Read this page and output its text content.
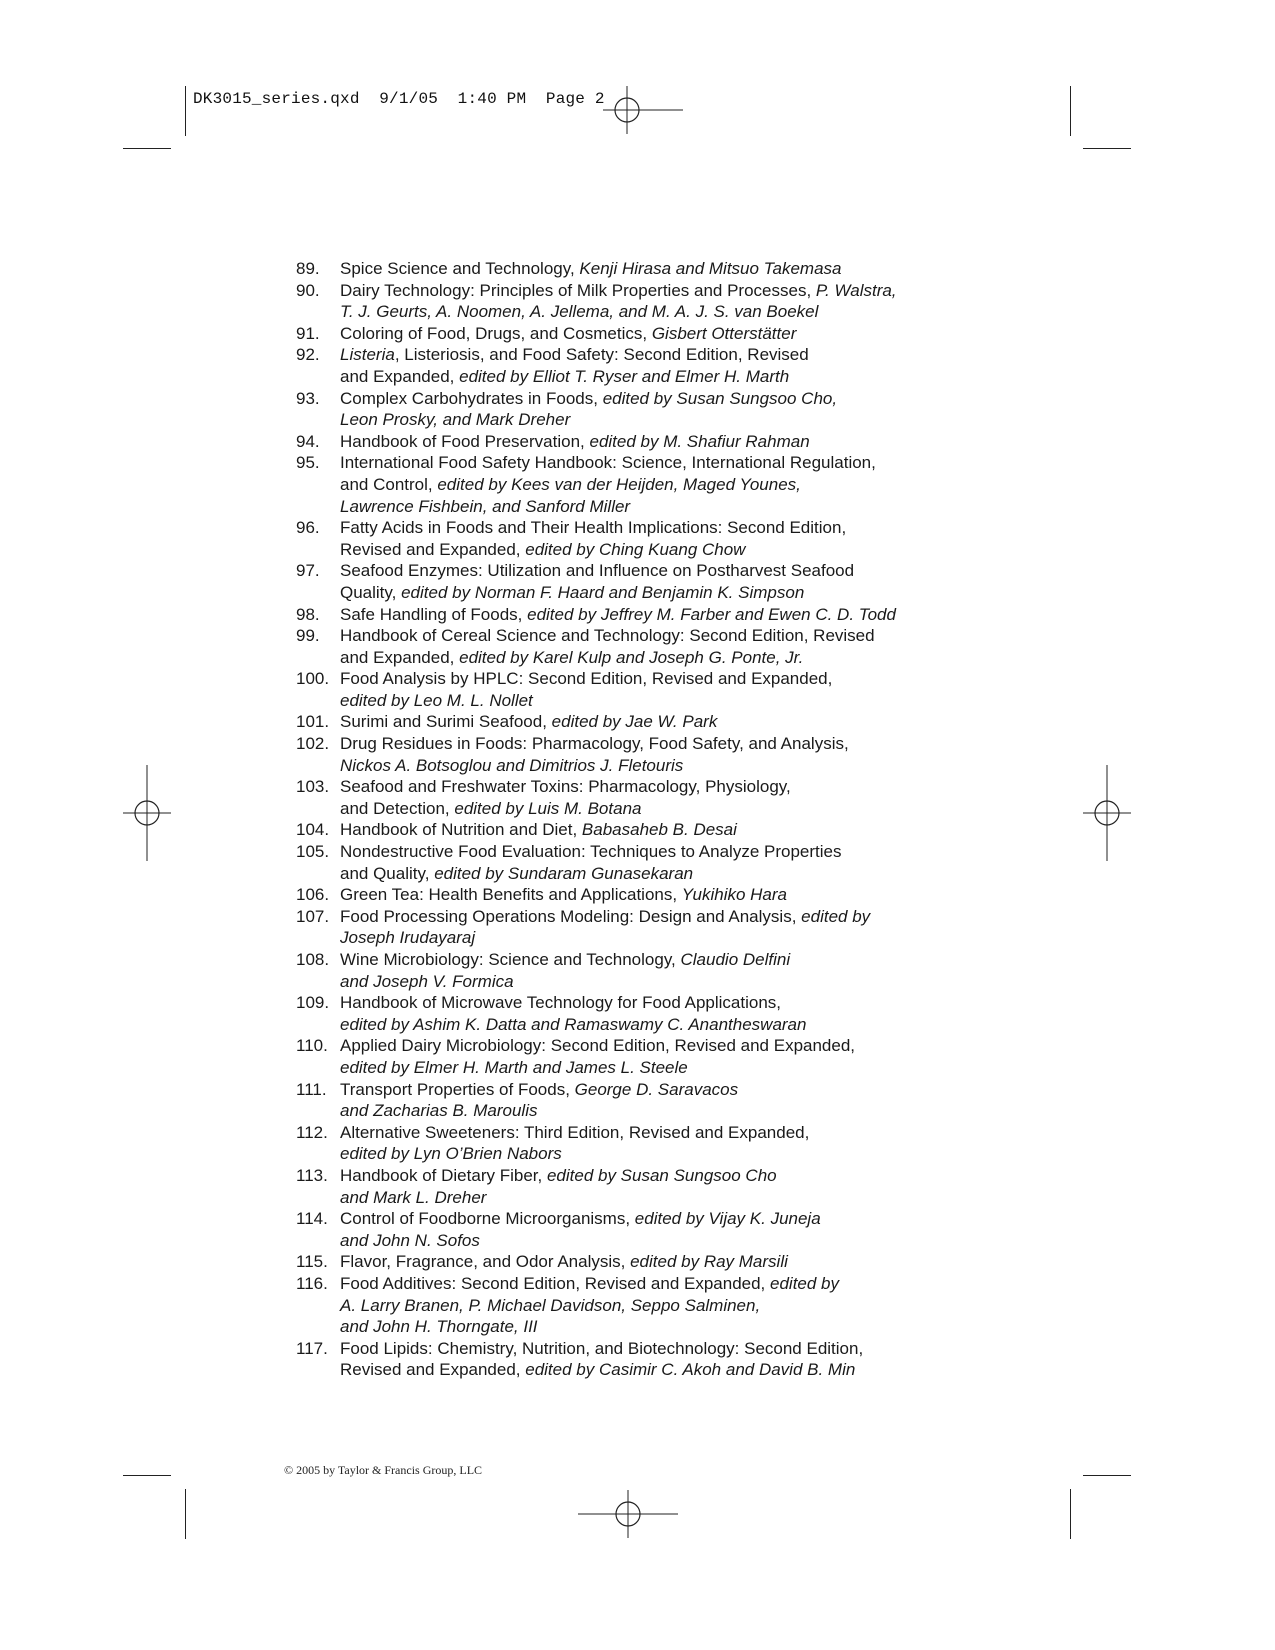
DK3015_series.qxd 9/1/05 1:40 PM Page 2
89.	Spice Science and Technology, Kenji Hirasa and Mitsuo Takemasa
90.	Dairy Technology: Principles of Milk Properties and Processes, P. Walstra,
T. J. Geurts, A. Noomen, A. Jellema, and M. A. J. S. van Boekel
91.	Coloring of Food, Drugs, and Cosmetics, Gisbert Otterstätter
92.	Listeria, Listeriosis, and Food Safety: Second Edition, Revised
and Expanded, edited by Elliot T. Ryser and Elmer H. Marth
93.	Complex Carbohydrates in Foods, edited by Susan Sungsoo Cho,
Leon Prosky, and Mark Dreher
94.	Handbook of Food Preservation, edited by M. Shafiur Rahman
95.	International Food Safety Handbook: Science, International Regulation,
and Control, edited by Kees van der Heijden, Maged Younes,
Lawrence Fishbein, and Sanford Miller
96.	Fatty Acids in Foods and Their Health Implications: Second Edition,
Revised and Expanded, edited by Ching Kuang Chow
97.	Seafood Enzymes: Utilization and Influence on Postharvest Seafood
Quality, edited by Norman F. Haard and Benjamin K. Simpson
98.	Safe Handling of Foods, edited by Jeffrey M. Farber and Ewen C. D. Todd
99.	Handbook of Cereal Science and Technology: Second Edition, Revised
and Expanded, edited by Karel Kulp and Joseph G. Ponte, Jr.
100. Food Analysis by HPLC: Second Edition, Revised and Expanded,
edited by Leo M. L. Nollet
101. Surimi and Surimi Seafood, edited by Jae W. Park
102. Drug Residues in Foods: Pharmacology, Food Safety, and Analysis,
Nickos A. Botsoglou and Dimitrios J. Fletouris
103. Seafood and Freshwater Toxins: Pharmacology, Physiology,
and Detection, edited by Luis M. Botana
104. Handbook of Nutrition and Diet, Babasaheb B. Desai
105. Nondestructive Food Evaluation: Techniques to Analyze Properties
and Quality, edited by Sundaram Gunasekaran
106. Green Tea: Health Benefits and Applications, Yukihiko Hara
107. Food Processing Operations Modeling: Design and Analysis, edited by
Joseph Irudayaraj
108. Wine Microbiology: Science and Technology, Claudio Delfini
and Joseph V. Formica
109. Handbook of Microwave Technology for Food Applications,
edited by Ashim K. Datta and Ramaswamy C. Anantheswaran
110. Applied Dairy Microbiology: Second Edition, Revised and Expanded,
edited by Elmer H. Marth and James L. Steele
111. Transport Properties of Foods, George D. Saravacos
and Zacharias B. Maroulis
112. Alternative Sweeteners: Third Edition, Revised and Expanded,
edited by Lyn O’Brien Nabors
113. Handbook of Dietary Fiber, edited by Susan Sungsoo Cho
and Mark L. Dreher
114. Control of Foodborne Microorganisms, edited by Vijay K. Juneja
and John N. Sofos
115. Flavor, Fragrance, and Odor Analysis, edited by Ray Marsili
116. Food Additives: Second Edition, Revised and Expanded, edited by
A. Larry Branen, P. Michael Davidson, Seppo Salminen,
and John H. Thorngate, III
117. Food Lipids: Chemistry, Nutrition, and Biotechnology: Second Edition,
Revised and Expanded, edited by Casimir C. Akoh and David B. Min
© 2005 by Taylor & Francis Group, LLC
